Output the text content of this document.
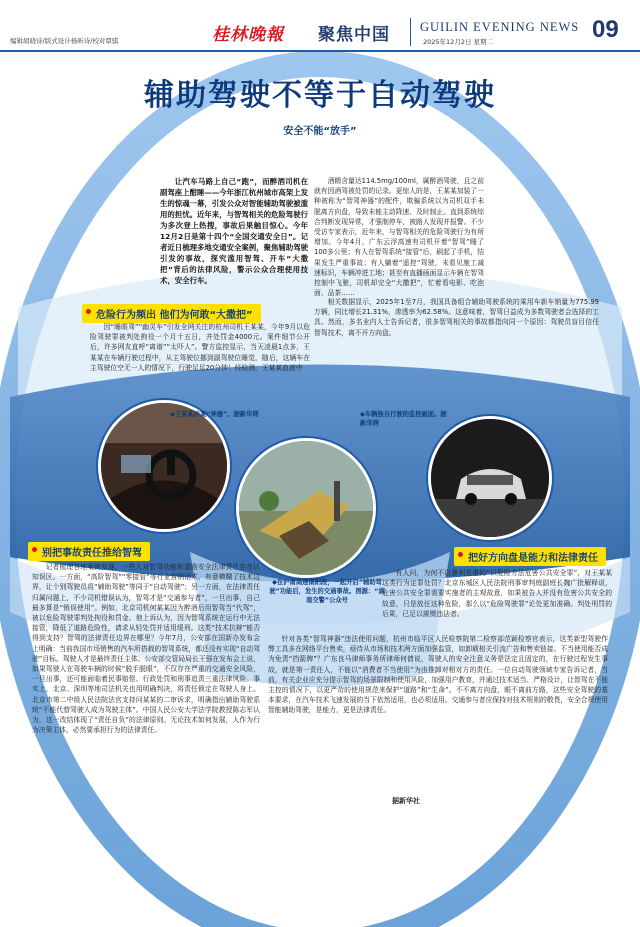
编辑胡晓诗/版式设计杨昕诗/校对覃骐	桂林晚報 聚焦中国 GUILIN EVENING NEWS
2025年12月2日 星期二	09
辅助驾驶不等于自动驾驶
安全不能“放手”

让汽车马路上自己“跑”，而醉酒司机在副驾座上酣睡——今年浙江杭州城市高架上发生的惊魂一幕，引发公众对智能辅助驾驶被滥用的担忧。近年来，与智驾相关的危险驾驶行为多次登上热搜，事故后果触目惊心。今年12月2日是第十四个“全国交通安全日”。记者近日梳理多地交通安全案例，聚焦辅助驾驶引发的事故，探究滥用智驾、开车“大撒把”背后的法律风险，警示公众合理使用技术，安全行车。

酒精含量达114.5mg/100ml，属醉酒驾驶，且之前就有因酒驾被处罚的记录。更惊人的是，王某某加装了一种被称为“智驾神器”的配件，欺骗系统以为司机双手未脱离方向盘，导致未能主动降速、及时制止。直到系统综合判断发现异常，才强制停车，被路人发现并报警。不少受访专家表示，近年来，与智驾相关的危险驾驶行为有所增加。今年4月，广东云浮高速有司机开着“智驾”睡了100多公里；有人在智驾系统“接管”后，刷起了手机，结果发生严重事故；有人躺着“遥控”驾驶，未看见施工减速标识，车辆冲进工地；甚至有直播画面显示车辆在智驾控制中飞驰，司机却完全“大撒把”，忙着看电影、吃泡面、品茶……

相关数据显示，2025年1至7月，我国具备组合辅助驾驶系统的乘用车新车销量为775.99万辆，同比增长21.31%，渗透率为62.58%。这意味着，智驾日益成为多数驾驶者会选择的工具。然而，多名业内人士告诉记者，很多智驾相关的事故都指向同一个原因：驾驶员盲目信任智驾技术，离不开方向盘。

危险行为频出 他们为何敢“大撒把”

因“睡眼驾”“幽灵车”引发全网关注的杭州司机王某某，今年9月以危险驾驶罪被判处拘役一个月十五日，并处罚金4000元。案件细节公开后，许多网友直呼“离谱”“太吓人”。警方监控显示，当天凌晨1点多，王某某在车辆行驶过程中，从主驾驶位挪到副驾驶位睡觉，随后，这辆车在主驾驶位空无一人的情况下，行驶足足20分钟！经检测，王某某血液中

◆王某某涉案“神器”。据新华网
◆在沪南高速南阳段，一起开启“辅助驾驶”功能后，发生的交通事故。图源：“湖南交警”公众号
◆车辆独自行驶的监控画面。据新华网
别把事故责任推给智驾

记者梳理各地案例发现，一些人对智驾功能和道路安全法律责任存在认知误区。一方面，“高阶智驾”“零接管”等行业营销话术，有意模糊了技术边界，让个别驾驶员将“辅助驾驶”等同于“自动驾驶”；另一方面，在法律责任归属问题上，不少司机错误认为，智驾才是“交通参与者”，一旦出事，自己最多算是“销误使用”。例如，北京司机何某某因为醉酒后用智驾当“代驾”，被以危险驾驶罪判处拘役和罚金。他上诉认为，因为智驾系统在运行中无法接管，降低了道路危险性，请求从轻处罚并适用缓刑。这类“技术抗辩”能否得到支持？智驾的法律责任边界在哪里？今年7月，公安部在国新办发布会上明确：当前我国市场销售的汽车所搭载的智驾系统，都还没有实现“自动驾驶”目标。驾驶人才是最终责任主体。公安部交管局局长王强在发布会上说，如果驾驶人在驾驶车辆的时候“脱手脱眼”，不仅存在严重的交通安全风险，一旦出事，还可能面临着民事赔偿、行政处罚和刑事追责三重法律风险。事实上，北京、深圳等地司法机关也用明确判决，将责任锁定在驾驶人身上。北京市第二中级人民法院法官支持问某某的二审诉求，明确指出辅助驾驶系统“不能代替驾驶人成为驾驶主体”。中国人民公安大学法学院教授陈志军认为，这一改结体现了“责任自负”的法律原则。无论技术如何发展，人作为行为决策主体，必然要承担行为的法律责任。

把好方向盘是能力和法律责任

有人问，为何不以暴利更重的“以危险方法危害公共安全罪”，对王某某这类行为定罪处罚？北京东城区人民法院刑事审判庭副庭长魏广批解释说，危害公共安全罪需要实施者的主观故意，如果被告人并没有危害公共安全的故意，只是放任这种危险，那么以“危险驾驶罪”论处更加准确。判处刑罚的后果，已足以震慑违法者。

针对各类“智驾神器”违法使用问题，杭州市临平区人民检察院第二检察部范颖检察官表示，这类新型驾驶作弊工具多在网络平台售卖，亟待从市场和技术两方面加强监管，如卸载相关引流广告和售卖链接。不当使用能否成为免责“挡箭牌”？广东良马律师事务所律师何倩说，驾驶人的安全注意义务是法定且固定的，在行驶过程发生事故，就是第一责任人，不能以“消费者不当使用”为由推卸对相对方的责任。一位自动驾驶领域专家告诉记者，当前，有关企业应充分提示智驾的场景限制和使用风险，加强用户教育，并通过技术适当、严格设计，让智驾在不能主控的情况下，以更严苛的使用规范来保护“道路”和“生命”。不不离方向盘，眼不离前方路，这些安全驾驶的基本要求，在汽车技术飞速发展的当下依然适用，也必须适用。交通参与者应保持对技术规则的敬畏，安全合规使用智能辅助驾驶，是能力，更是法律责任。

据新华社
